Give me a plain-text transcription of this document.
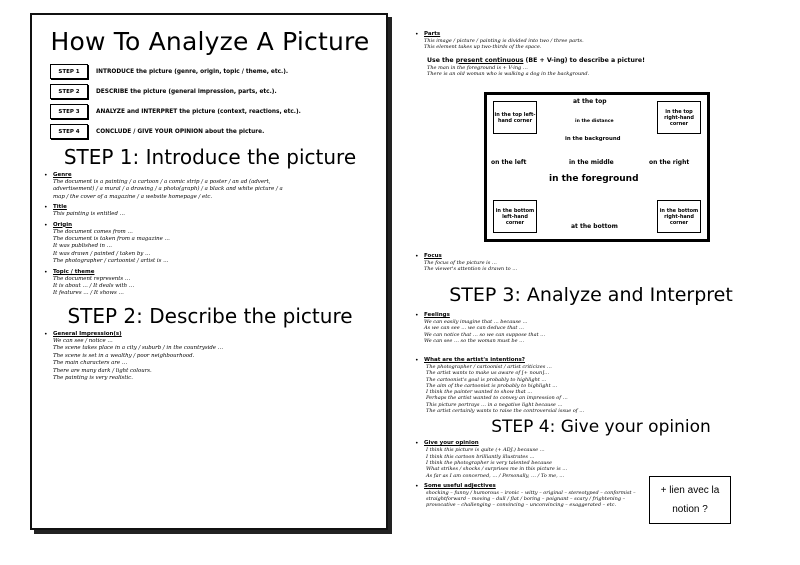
How To Analyze A Picture
STEP 1	INTRODUCE the picture (genre, origin, topic / theme, etc.).
STEP 2	DESCRIBE the picture (general impression, parts, etc.).
STEP 3	ANALYZE and INTERPRET the picture (context, reactions, etc.).
STEP 4	CONCLUDE / GIVE YOUR OPINION about the picture.
STEP 1: Introduce the picture
• Genre
The document is a painting / a cartoon / a comic strip / a poster / an ad (advert,
advertisement) / a mural / a drawing / a photo(graph) / a black and white picture / a
map / the cover of a magazine / a website homepage / etc.
• Title
This painting is entitled …
• Origin
The document comes from …
The document is taken from a magazine …
It was published in …
It was drawn / painted / taken by …
The photographer / cartoonist / artist is …
• Topic / theme
The document represents …
It is about … / It deals with …
It features … / It shows …
STEP 2: Describe the picture
• General Impression(s)
We can see / notice …
The scene takes place in a city / suburb / in the countryside …
The scene is set in a wealthy / poor neighbourhood.
The main characters are …
There are many dark / light colours.
The painting is very realistic.
• Parts
This image / picture / painting is divided into two / three parts.
This element takes up two-thirds of the space.
Use the present continuous (BE + V-ing) to describe a picture!
The man in the foreground is + V-ing …
There is an old woman who is walking a dog in the background.
in the top left-hand corner
in the top right-hand corner
in the bottom left-hand corner
in the bottom right-hand corner
at the top
in the distance
in the background
on the left	in the middle	on the right
in the foreground
at the bottom
• Focus
The focus of the picture is …
The viewer's attention is drawn to …
STEP 3: Analyze and Interpret
• Feelings
We can easily imagine that … because …
As we can see … we can deduce that …
We can notice that … so we can suppose that …
We can see … so the woman must be …
• What are the artist's intentions?
The photographer / cartoonist / artist criticizes …
The artist wants to make us aware of [+ noun]…
The cartoonist's goal is probably to highlight …
The aim of the cartoonist is probably to highlight …
I think the painter wanted to show that …
Perhaps the artist wanted to convey an impression of …
This picture portrays … in a negative light because …
The artist certainly wants to raise the controversial issue of …
STEP 4: Give your opinion
• Give your opinion
I think this picture is quite (+ ADJ.) because …
I think this cartoon brilliantly illustrates …
I think the photographer is very talented because
What strikes / shocks / surprises me in this picture is …
As far as I am concerned, … / Personally, … / To me, …
• Some useful adjectives
shocking – funny / humorous – ironic – witty – original – stereotyped – conformist –
straightforward – moving – dull / flat / boring – poignant – scary / frightening –
provocative – challenging – convincing – unconvincing – exaggerated – etc.
+ lien avec la
notion ?
